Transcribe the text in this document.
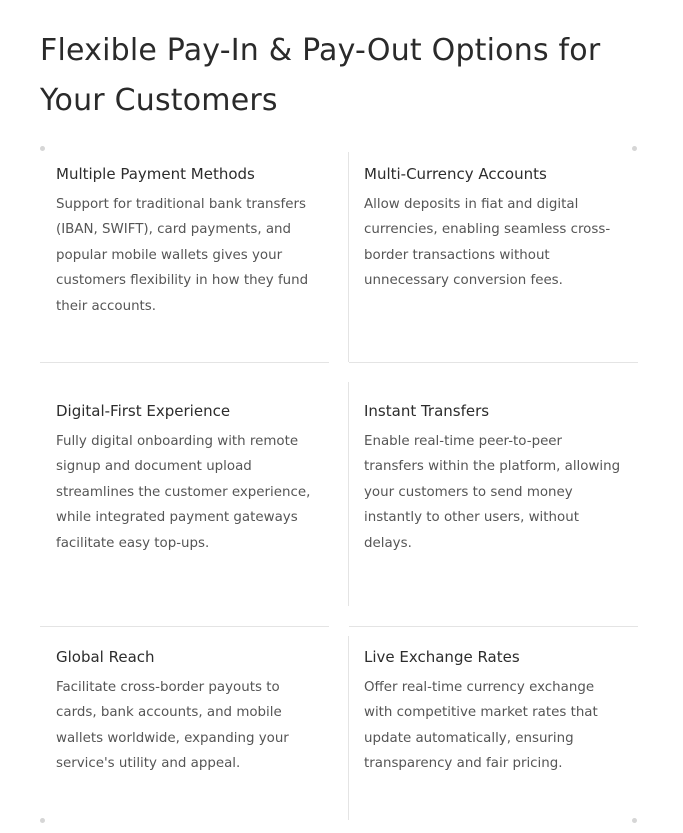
Flexible Pay-In & Pay-Out Options for Your Customers
Multiple Payment Methods

Support for traditional bank transfers (IBAN, SWIFT), card payments, and popular mobile wallets gives your customers flexibility in how they fund their accounts.

Multi-Currency Accounts

Allow deposits in fiat and digital currencies, enabling seamless cross-border transactions without unnecessary conversion fees.

Digital-First Experience

Fully digital onboarding with remote signup and document upload streamlines the customer experience, while integrated payment gateways facilitate easy top-ups.

Instant Transfers

Enable real-time peer-to-peer transfers within the platform, allowing your customers to send money instantly to other users, without delays.

Global Reach

Facilitate cross-border payouts to cards, bank accounts, and mobile wallets worldwide, expanding your service's utility and appeal.

Live Exchange Rates

Offer real-time currency exchange with competitive market rates that update automatically, ensuring transparency and fair pricing.
